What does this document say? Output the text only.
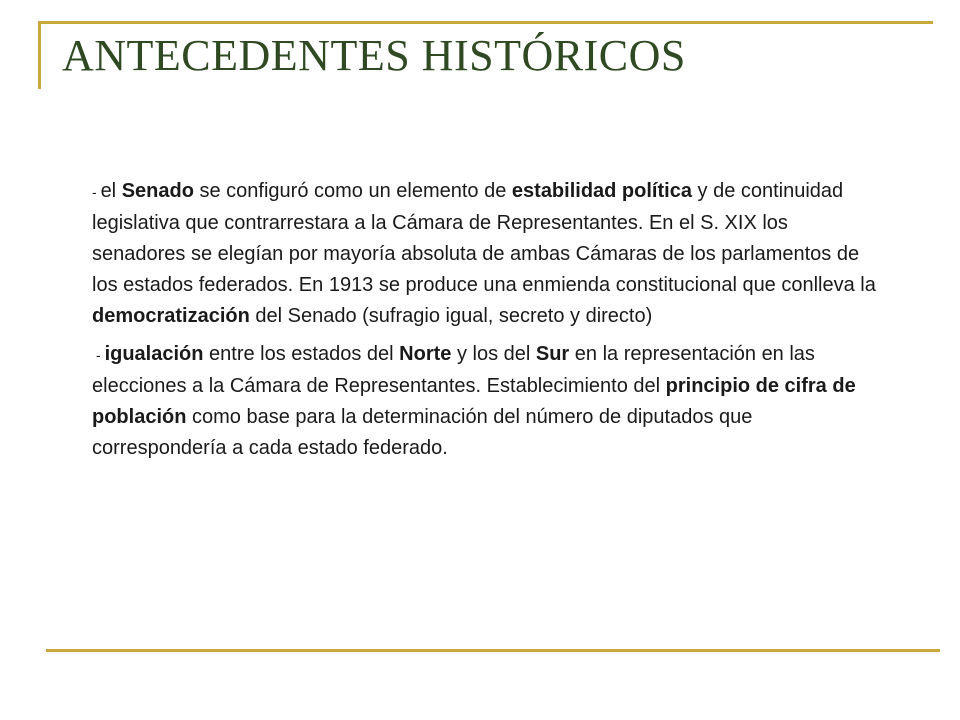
ANTECEDENTES HISTÓRICOS

- el Senado se configuró como un elemento de estabilidad política y de continuidad legislativa que contrarrestara a la Cámara de Representantes. En el S. XIX los senadores se elegían por mayoría absoluta de ambas Cámaras de los parlamentos de los estados federados. En 1913 se produce una enmienda constitucional que conlleva la democratización del Senado (sufragio igual, secreto y directo)

- igualación entre los estados del Norte y los del Sur en la representación en las elecciones a la Cámara de Representantes. Establecimiento del principio de cifra de población como base para la determinación del número de diputados que correspondería a cada estado federado.
